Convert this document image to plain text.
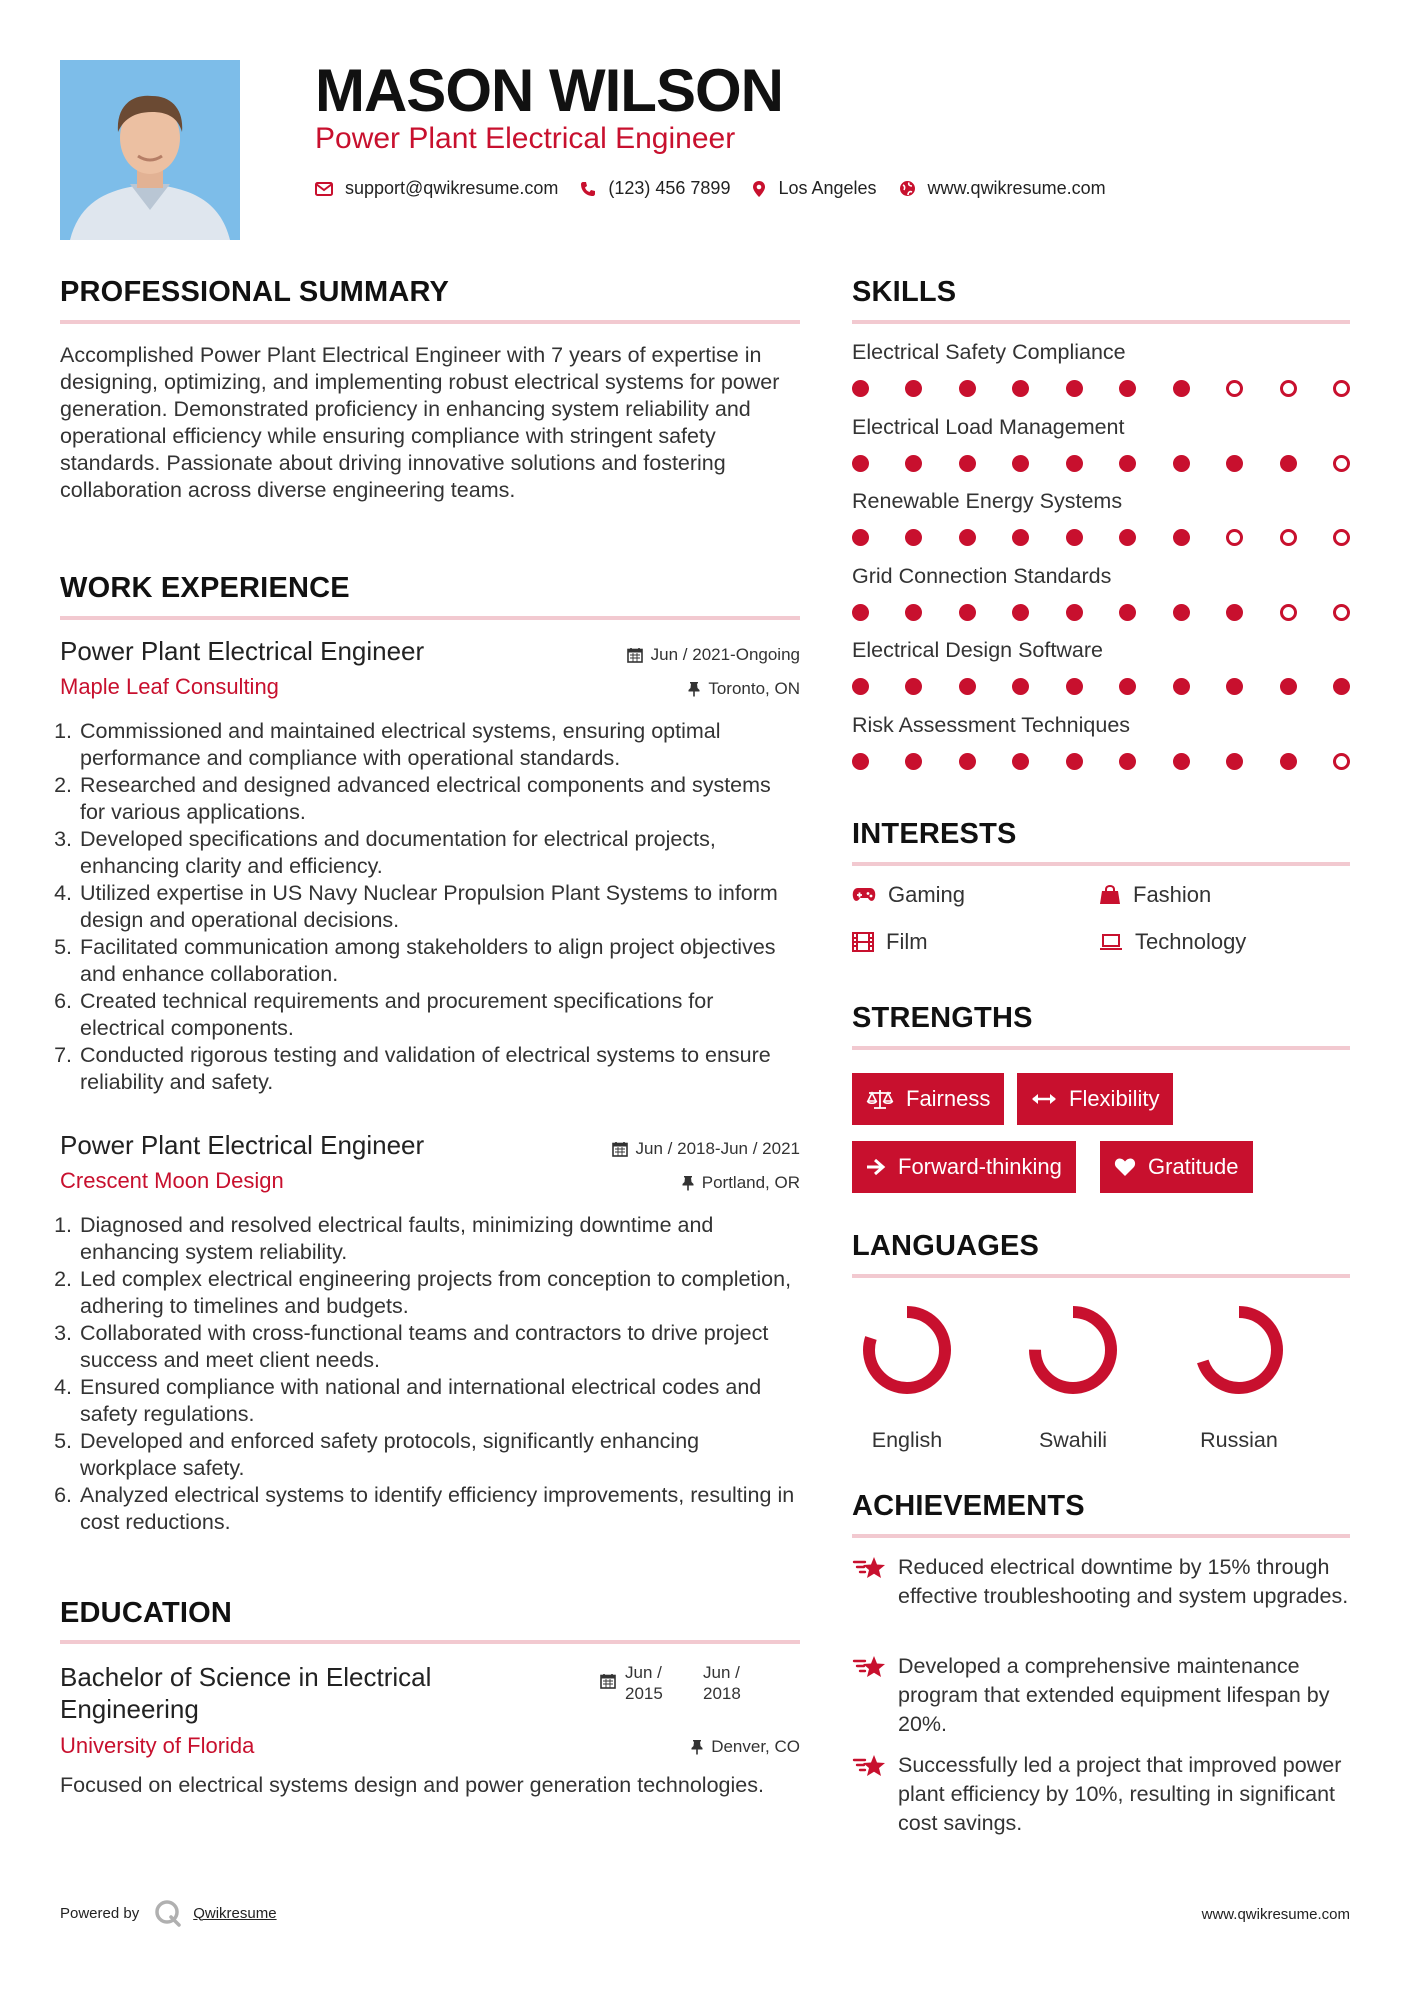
MASON WILSON
Power Plant Electrical Engineer
support@qwikresume.com	(123) 456 7899	Los Angeles	www.qwikresume.com
PROFESSIONAL SUMMARY
Accomplished Power Plant Electrical Engineer with 7 years of expertise in designing, optimizing, and implementing robust electrical systems for power generation. Demonstrated proficiency in enhancing system reliability and operational efficiency while ensuring compliance with stringent safety standards. Passionate about driving innovative solutions and fostering collaboration across diverse engineering teams.
WORK EXPERIENCE
Power Plant Electrical Engineer	Jun / 2021-Ongoing
Maple Leaf Consulting	Toronto, ON
1. Commissioned and maintained electrical systems, ensuring optimal performance and compliance with operational standards.
2. Researched and designed advanced electrical components and systems for various applications.
3. Developed specifications and documentation for electrical projects, enhancing clarity and efficiency.
4. Utilized expertise in US Navy Nuclear Propulsion Plant Systems to inform design and operational decisions.
5. Facilitated communication among stakeholders to align project objectives and enhance collaboration.
6. Created technical requirements and procurement specifications for electrical components.
7. Conducted rigorous testing and validation of electrical systems to ensure reliability and safety.
Power Plant Electrical Engineer	Jun / 2018-Jun / 2021
Crescent Moon Design	Portland, OR
1. Diagnosed and resolved electrical faults, minimizing downtime and enhancing system reliability.
2. Led complex electrical engineering projects from conception to completion, adhering to timelines and budgets.
3. Collaborated with cross-functional teams and contractors to drive project success and meet client needs.
4. Ensured compliance with national and international electrical codes and safety regulations.
5. Developed and enforced safety protocols, significantly enhancing workplace safety.
6. Analyzed electrical systems to identify efficiency improvements, resulting in cost reductions.
EDUCATION
Bachelor of Science in Electrical
Engineering
Jun /
2015
Jun /
2018
University of Florida	Denver, CO
Focused on electrical systems design and power generation technologies.
SKILLS
Electrical Safety Compliance
Electrical Load Management
Renewable Energy Systems
Grid Connection Standards
Electrical Design Software
Risk Assessment Techniques
INTERESTS
Gaming	Fashion
Film	Technology
STRENGTHS
Fairness	Flexibility
Forward-thinking	Gratitude
LANGUAGES
English	Swahili	Russian
ACHIEVEMENTS
Reduced electrical downtime by 15% through effective troubleshooting and system upgrades.
Developed a comprehensive maintenance program that extended equipment lifespan by 20%.
Successfully led a project that improved power plant efficiency by 10%, resulting in significant cost savings.
Powered by	Qwikresume	www.qwikresume.com
